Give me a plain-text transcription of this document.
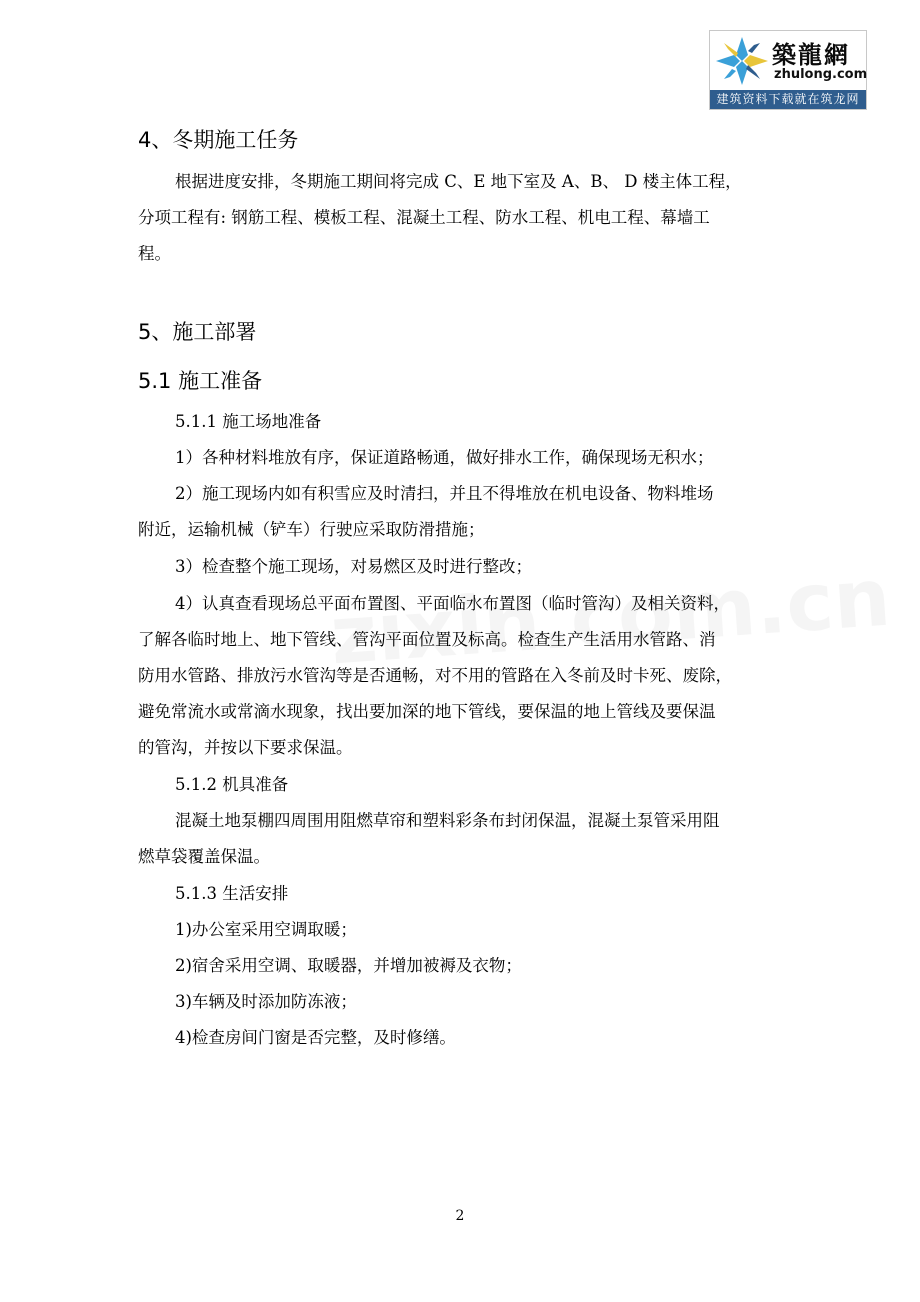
築龍網
zhulong.com
建筑资料下载就在筑龙网
4、冬期施工任务

根据进度安排，冬期施工期间将完成 C、E 地下室及 A、B、 D 楼主体工程，

分项工程有: 钢筋工程、模板工程、混凝土工程、防水工程、机电工程、幕墙工

程。

5、施工部署
5.1 施工准备

5.1.1 施工场地准备

1）各种材料堆放有序，保证道路畅通，做好排水工作，确保现场无积水；

2）施工现场内如有积雪应及时清扫，并且不得堆放在机电设备、物料堆场

附近，运输机械（铲车）行驶应采取防滑措施；

3）检查整个施工现场，对易燃区及时进行整改；

4）认真查看现场总平面布置图、平面临水布置图（临时管沟）及相关资料，

了解各临时地上、地下管线、管沟平面位置及标高。检查生产生活用水管路、消

防用水管路、排放污水管沟等是否通畅，对不用的管路在入冬前及时卡死、废除，

避免常流水或常滴水现象，找出要加深的地下管线，要保温的地上管线及要保温

的管沟，并按以下要求保温。

5.1.2 机具准备

混凝土地泵棚四周围用阻燃草帘和塑料彩条布封闭保温，混凝土泵管采用阻

燃草袋覆盖保温。

5.1.3 生活安排

1)办公室采用空调取暖；

2)宿舍采用空调、取暖器，并增加被褥及衣物；

3)车辆及时添加防冻液；

4)检查房间门窗是否完整，及时修缮。

2
